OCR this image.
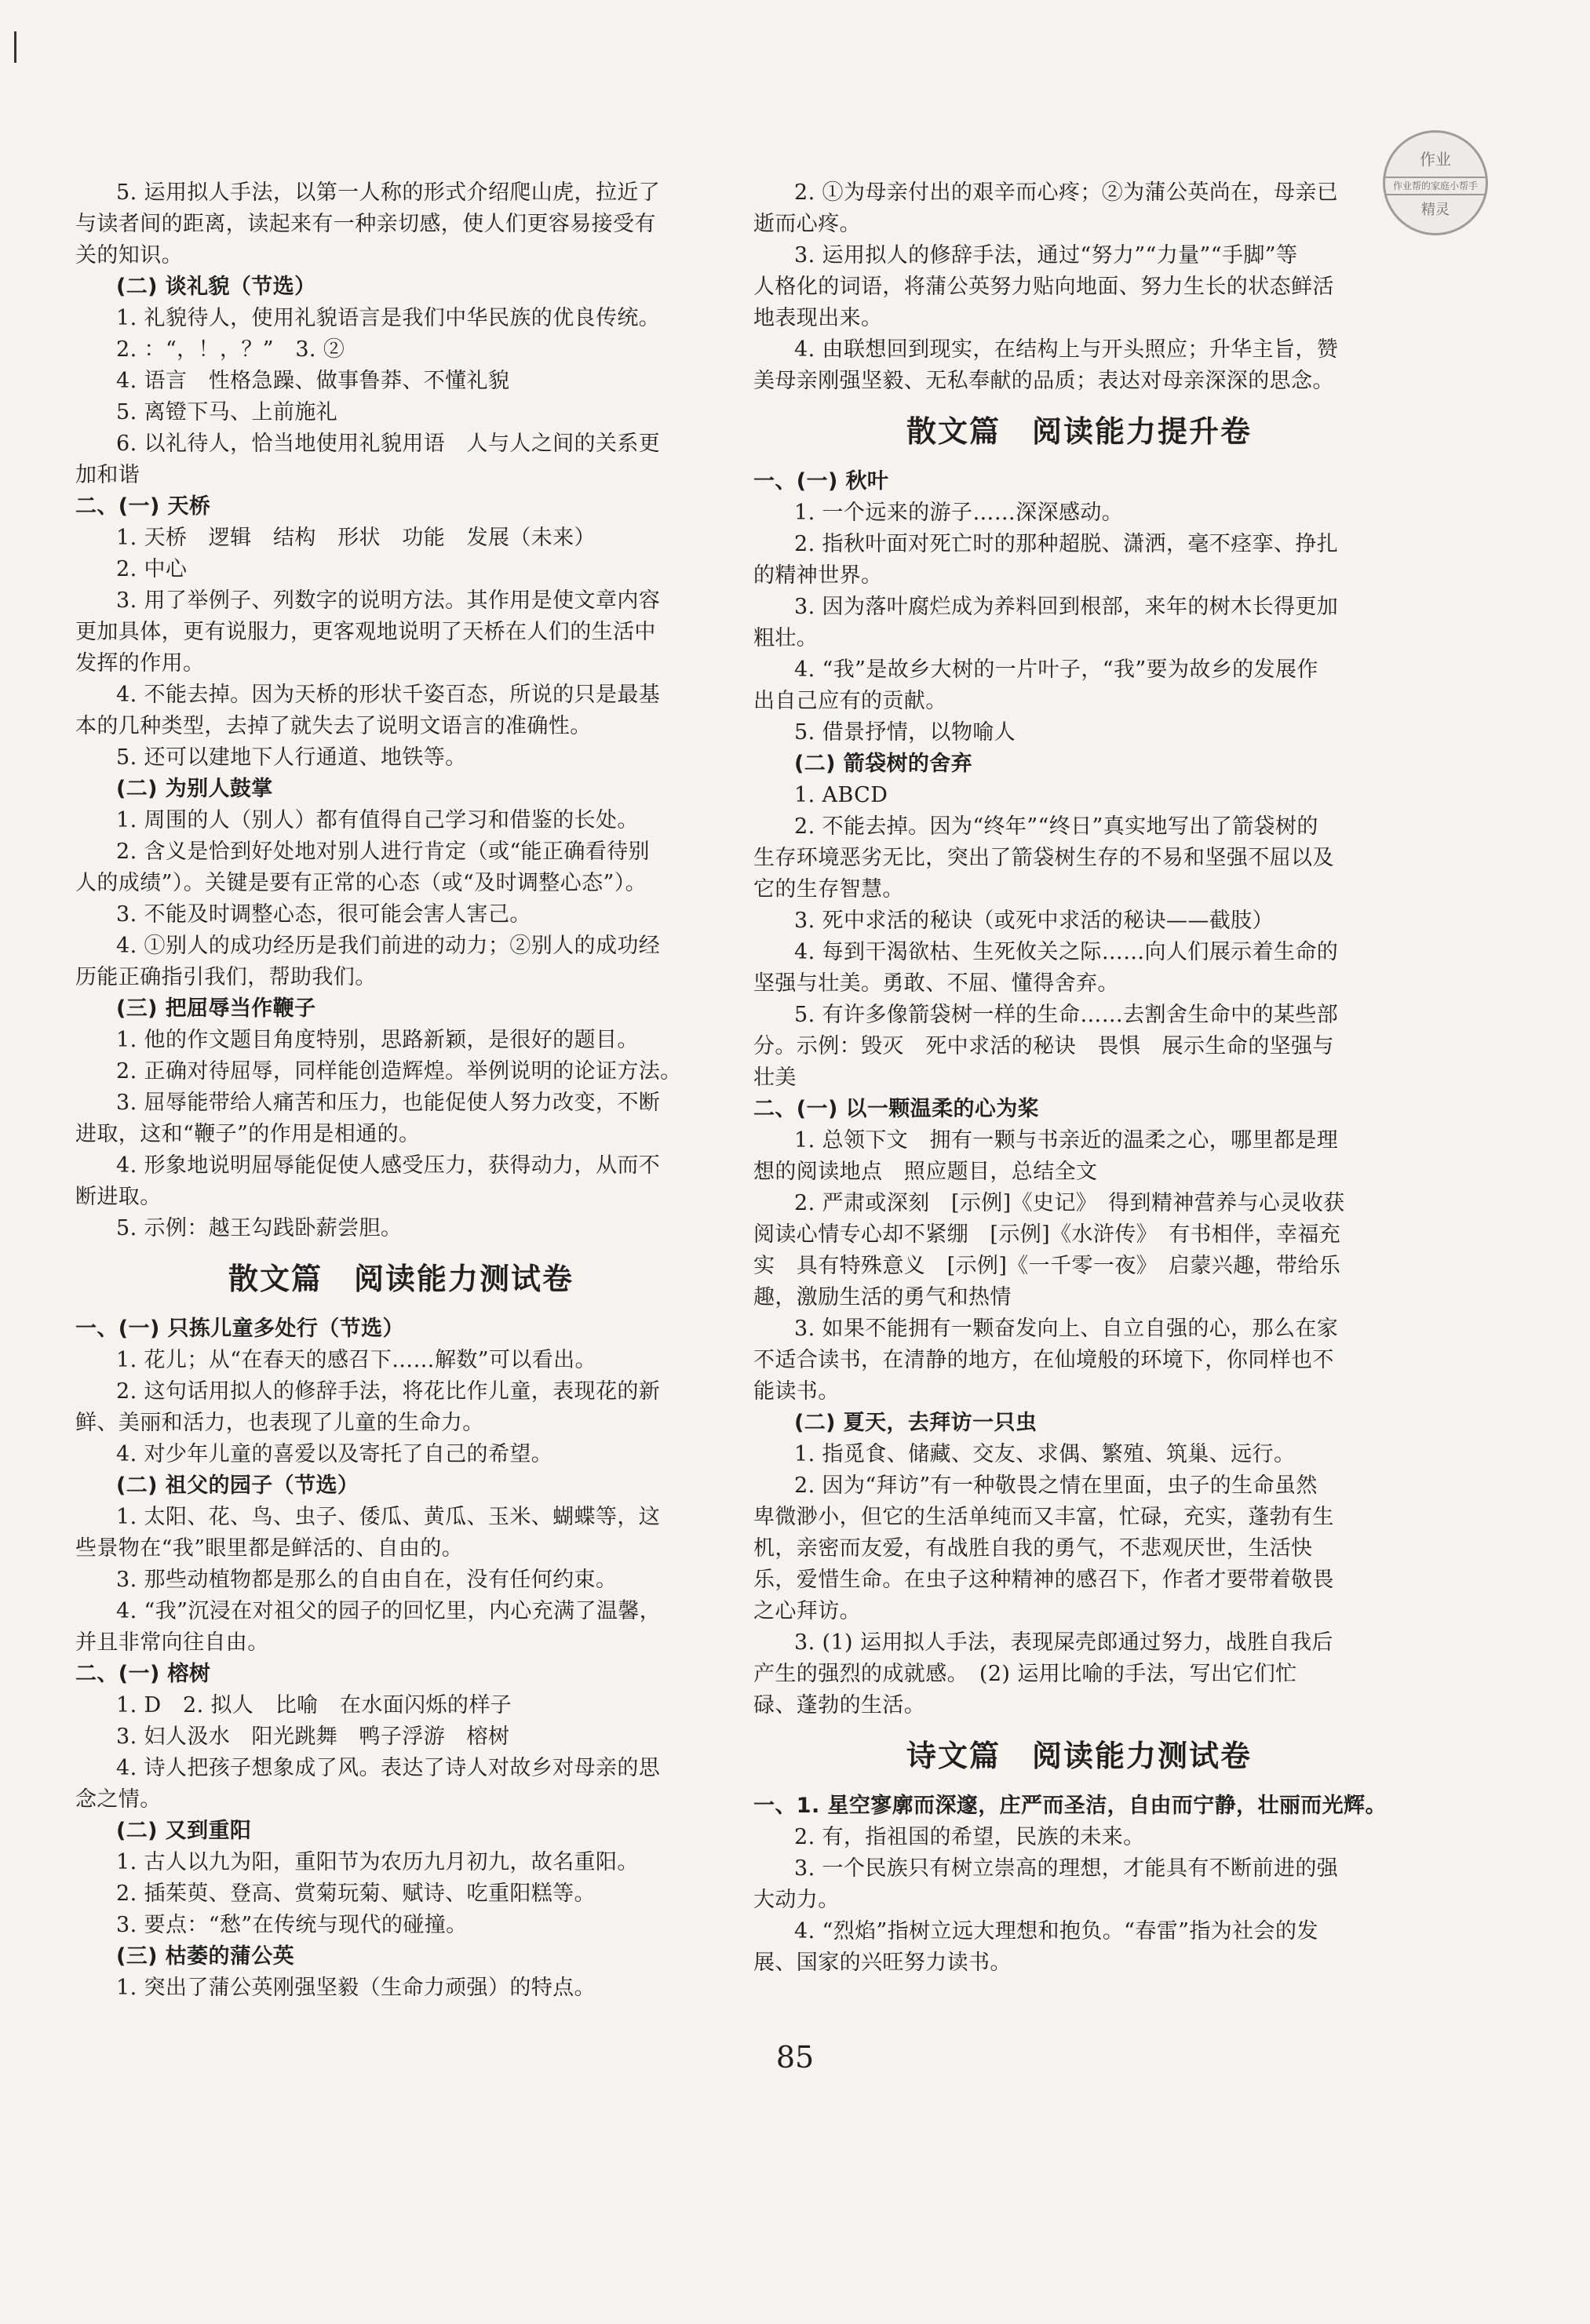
作业
作业帮的家庭小帮手
精灵
5. 运用拟人手法，以第一人称的形式介绍爬山虎，拉近了
与读者间的距离，读起来有一种亲切感，使人们更容易接受有
关的知识。
(二) 谈礼貌（节选）
1. 礼貌待人，使用礼貌语言是我们中华民族的优良传统。
2. ：“，！，？”　3. ②
4. 语言　性格急躁、做事鲁莽、不懂礼貌
5. 离镫下马、上前施礼
6. 以礼待人，恰当地使用礼貌用语　人与人之间的关系更
加和谐
二、(一) 天桥
1. 天桥　逻辑　结构　形状　功能　发展（未来）
2. 中心
3. 用了举例子、列数字的说明方法。其作用是使文章内容
更加具体，更有说服力，更客观地说明了天桥在人们的生活中
发挥的作用。
4. 不能去掉。因为天桥的形状千姿百态，所说的只是最基
本的几种类型，去掉了就失去了说明文语言的准确性。
5. 还可以建地下人行通道、地铁等。
(二) 为别人鼓掌
1. 周围的人（别人）都有值得自己学习和借鉴的长处。
2. 含义是恰到好处地对别人进行肯定（或“能正确看待别
人的成绩”）。关键是要有正常的心态（或“及时调整心态”）。
3. 不能及时调整心态，很可能会害人害己。
4. ①别人的成功经历是我们前进的动力；②别人的成功经
历能正确指引我们，帮助我们。
(三) 把屈辱当作鞭子
1. 他的作文题目角度特别，思路新颖，是很好的题目。
2. 正确对待屈辱，同样能创造辉煌。举例说明的论证方法。
3. 屈辱能带给人痛苦和压力，也能促使人努力改变，不断
进取，这和“鞭子”的作用是相通的。
4. 形象地说明屈辱能促使人感受压力，获得动力，从而不
断进取。
5. 示例：越王勾践卧薪尝胆。
散文篇　阅读能力测试卷
一、(一) 只拣儿童多处行（节选）
1. 花儿；从“在春天的感召下……解数”可以看出。
2. 这句话用拟人的修辞手法，将花比作儿童，表现花的新
鲜、美丽和活力，也表现了儿童的生命力。
4. 对少年儿童的喜爱以及寄托了自己的希望。
(二) 祖父的园子（节选）
1. 太阳、花、鸟、虫子、倭瓜、黄瓜、玉米、蝴蝶等，这
些景物在“我”眼里都是鲜活的、自由的。
3. 那些动植物都是那么的自由自在，没有任何约束。
4. “我”沉浸在对祖父的园子的回忆里，内心充满了温馨，
并且非常向往自由。
二、(一) 榕树
1. D　2. 拟人　比喻　在水面闪烁的样子
3. 妇人汲水　阳光跳舞　鸭子浮游　榕树
4. 诗人把孩子想象成了风。表达了诗人对故乡对母亲的思
念之情。
(二) 又到重阳
1. 古人以九为阳，重阳节为农历九月初九，故名重阳。
2. 插茱萸、登高、赏菊玩菊、赋诗、吃重阳糕等。
3. 要点：“愁”在传统与现代的碰撞。
(三) 枯萎的蒲公英
1. 突出了蒲公英刚强坚毅（生命力顽强）的特点。
2. ①为母亲付出的艰辛而心疼；②为蒲公英尚在，母亲已
逝而心疼。
3. 运用拟人的修辞手法，通过“努力”“力量”“手脚”等
人格化的词语，将蒲公英努力贴向地面、努力生长的状态鲜活
地表现出来。
4. 由联想回到现实，在结构上与开头照应；升华主旨，赞
美母亲刚强坚毅、无私奉献的品质；表达对母亲深深的思念。
散文篇　阅读能力提升卷
一、(一) 秋叶
1. 一个远来的游子……深深感动。
2. 指秋叶面对死亡时的那种超脱、潇洒，毫不痉挛、挣扎
的精神世界。
3. 因为落叶腐烂成为养料回到根部，来年的树木长得更加
粗壮。
4. “我”是故乡大树的一片叶子，“我”要为故乡的发展作
出自己应有的贡献。
5. 借景抒情，以物喻人
(二) 箭袋树的舍弃
1. ABCD
2. 不能去掉。因为“终年”“终日”真实地写出了箭袋树的
生存环境恶劣无比，突出了箭袋树生存的不易和坚强不屈以及
它的生存智慧。
3. 死中求活的秘诀（或死中求活的秘诀——截肢）
4. 每到干渴欲枯、生死攸关之际……向人们展示着生命的
坚强与壮美。勇敢、不屈、懂得舍弃。
5. 有许多像箭袋树一样的生命……去割舍生命中的某些部
分。示例：毁灭　死中求活的秘诀　畏惧　展示生命的坚强与
壮美
二、(一) 以一颗温柔的心为桨
1. 总领下文　拥有一颗与书亲近的温柔之心，哪里都是理
想的阅读地点　照应题目，总结全文
2. 严肃或深刻　[示例]《史记》　得到精神营养与心灵收获
阅读心情专心却不紧绷　[示例]《水浒传》　有书相伴，幸福充
实　具有特殊意义　[示例]《一千零一夜》　启蒙兴趣，带给乐
趣，激励生活的勇气和热情
3. 如果不能拥有一颗奋发向上、自立自强的心，那么在家
不适合读书，在清静的地方，在仙境般的环境下，你同样也不
能读书。
(二) 夏天，去拜访一只虫
1. 指觅食、储藏、交友、求偶、繁殖、筑巢、远行。
2. 因为“拜访”有一种敬畏之情在里面，虫子的生命虽然
卑微渺小，但它的生活单纯而又丰富，忙碌，充实，蓬勃有生
机，亲密而友爱，有战胜自我的勇气，不悲观厌世，生活快
乐，爱惜生命。在虫子这种精神的感召下，作者才要带着敬畏
之心拜访。
3. (1) 运用拟人手法，表现屎壳郎通过努力，战胜自我后
产生的强烈的成就感。　(2) 运用比喻的手法，写出它们忙
碌、蓬勃的生活。
诗文篇　阅读能力测试卷
一、1. 星空寥廓而深邃，庄严而圣洁，自由而宁静，壮丽而光辉。
2. 有，指祖国的希望，民族的未来。
3. 一个民族只有树立崇高的理想，才能具有不断前进的强
大动力。
4. “烈焰”指树立远大理想和抱负。“春雷”指为社会的发
展、国家的兴旺努力读书。
85
